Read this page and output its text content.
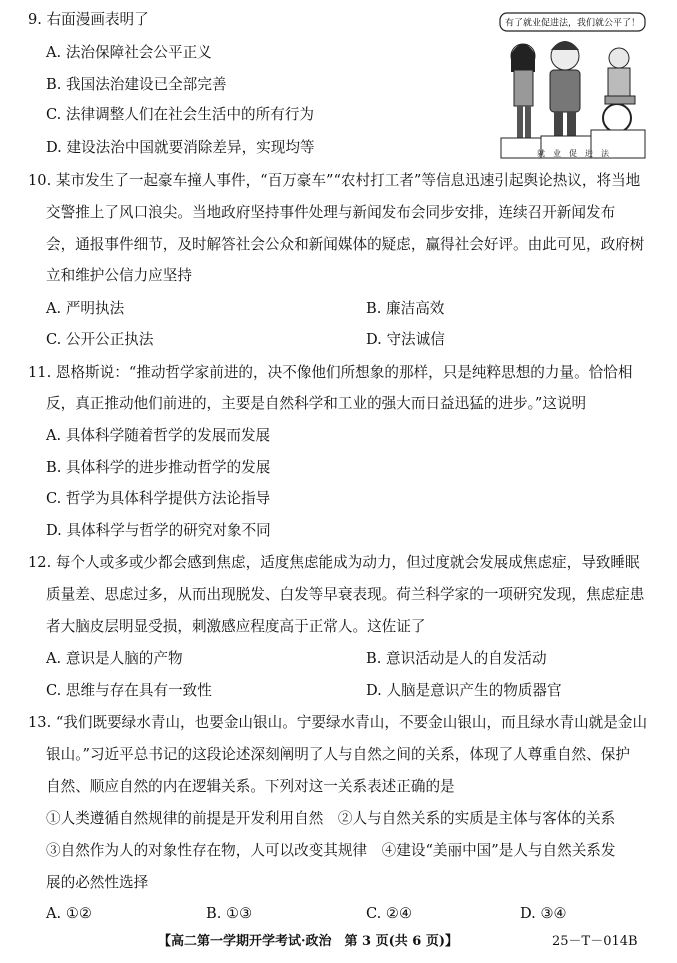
9. 右面漫画表明了
A. 法治保障社会公平正义
B. 我国法治建设已全部完善
C. 法律调整人们在社会生活中的所有行为
D. 建设法治中国就要消除差异，实现均等
有了就业促进法，我们就公平了！
就　业　促　进　法
10. 某市发生了一起豪车撞人事件，“百万豪车”“农村打工者”等信息迅速引起舆论热议，将当地
交警推上了风口浪尖。当地政府坚持事件处理与新闻发布会同步安排，连续召开新闻发布
会，通报事件细节，及时解答社会公众和新闻媒体的疑虑，赢得社会好评。由此可见，政府树
立和维护公信力应坚持
A. 严明执法	B. 廉洁高效
C. 公开公正执法	D. 守法诚信
11. 恩格斯说：“推动哲学家前进的，决不像他们所想象的那样，只是纯粹思想的力量。恰恰相
反，真正推动他们前进的，主要是自然科学和工业的强大而日益迅猛的进步。”这说明
A. 具体科学随着哲学的发展而发展
B. 具体科学的进步推动哲学的发展
C. 哲学为具体科学提供方法论指导
D. 具体科学与哲学的研究对象不同
12. 每个人或多或少都会感到焦虑，适度焦虑能成为动力，但过度就会发展成焦虑症，导致睡眠
质量差、思虑过多，从而出现脱发、白发等早衰表现。荷兰科学家的一项研究发现，焦虑症患
者大脑皮层明显受损，刺激感应程度高于正常人。这佐证了
A. 意识是人脑的产物	B. 意识活动是人的自发活动
C. 思维与存在具有一致性	D. 人脑是意识产生的物质器官
13. “我们既要绿水青山，也要金山银山。宁要绿水青山，不要金山银山，而且绿水青山就是金山
银山。”习近平总书记的这段论述深刻阐明了人与自然之间的关系，体现了人尊重自然、保护
自然、顺应自然的内在逻辑关系。下列对这一关系表述正确的是
①人类遵循自然规律的前提是开发利用自然　②人与自然关系的实质是主体与客体的关系
③自然作为人的对象性存在物，人可以改变其规律　④建设“美丽中国”是人与自然关系发
展的必然性选择
A. ①②	B. ①③	C. ②④	D. ③④
【高二第一学期开学考试·政治　第 3 页(共 6 页)】	25－T－014B
